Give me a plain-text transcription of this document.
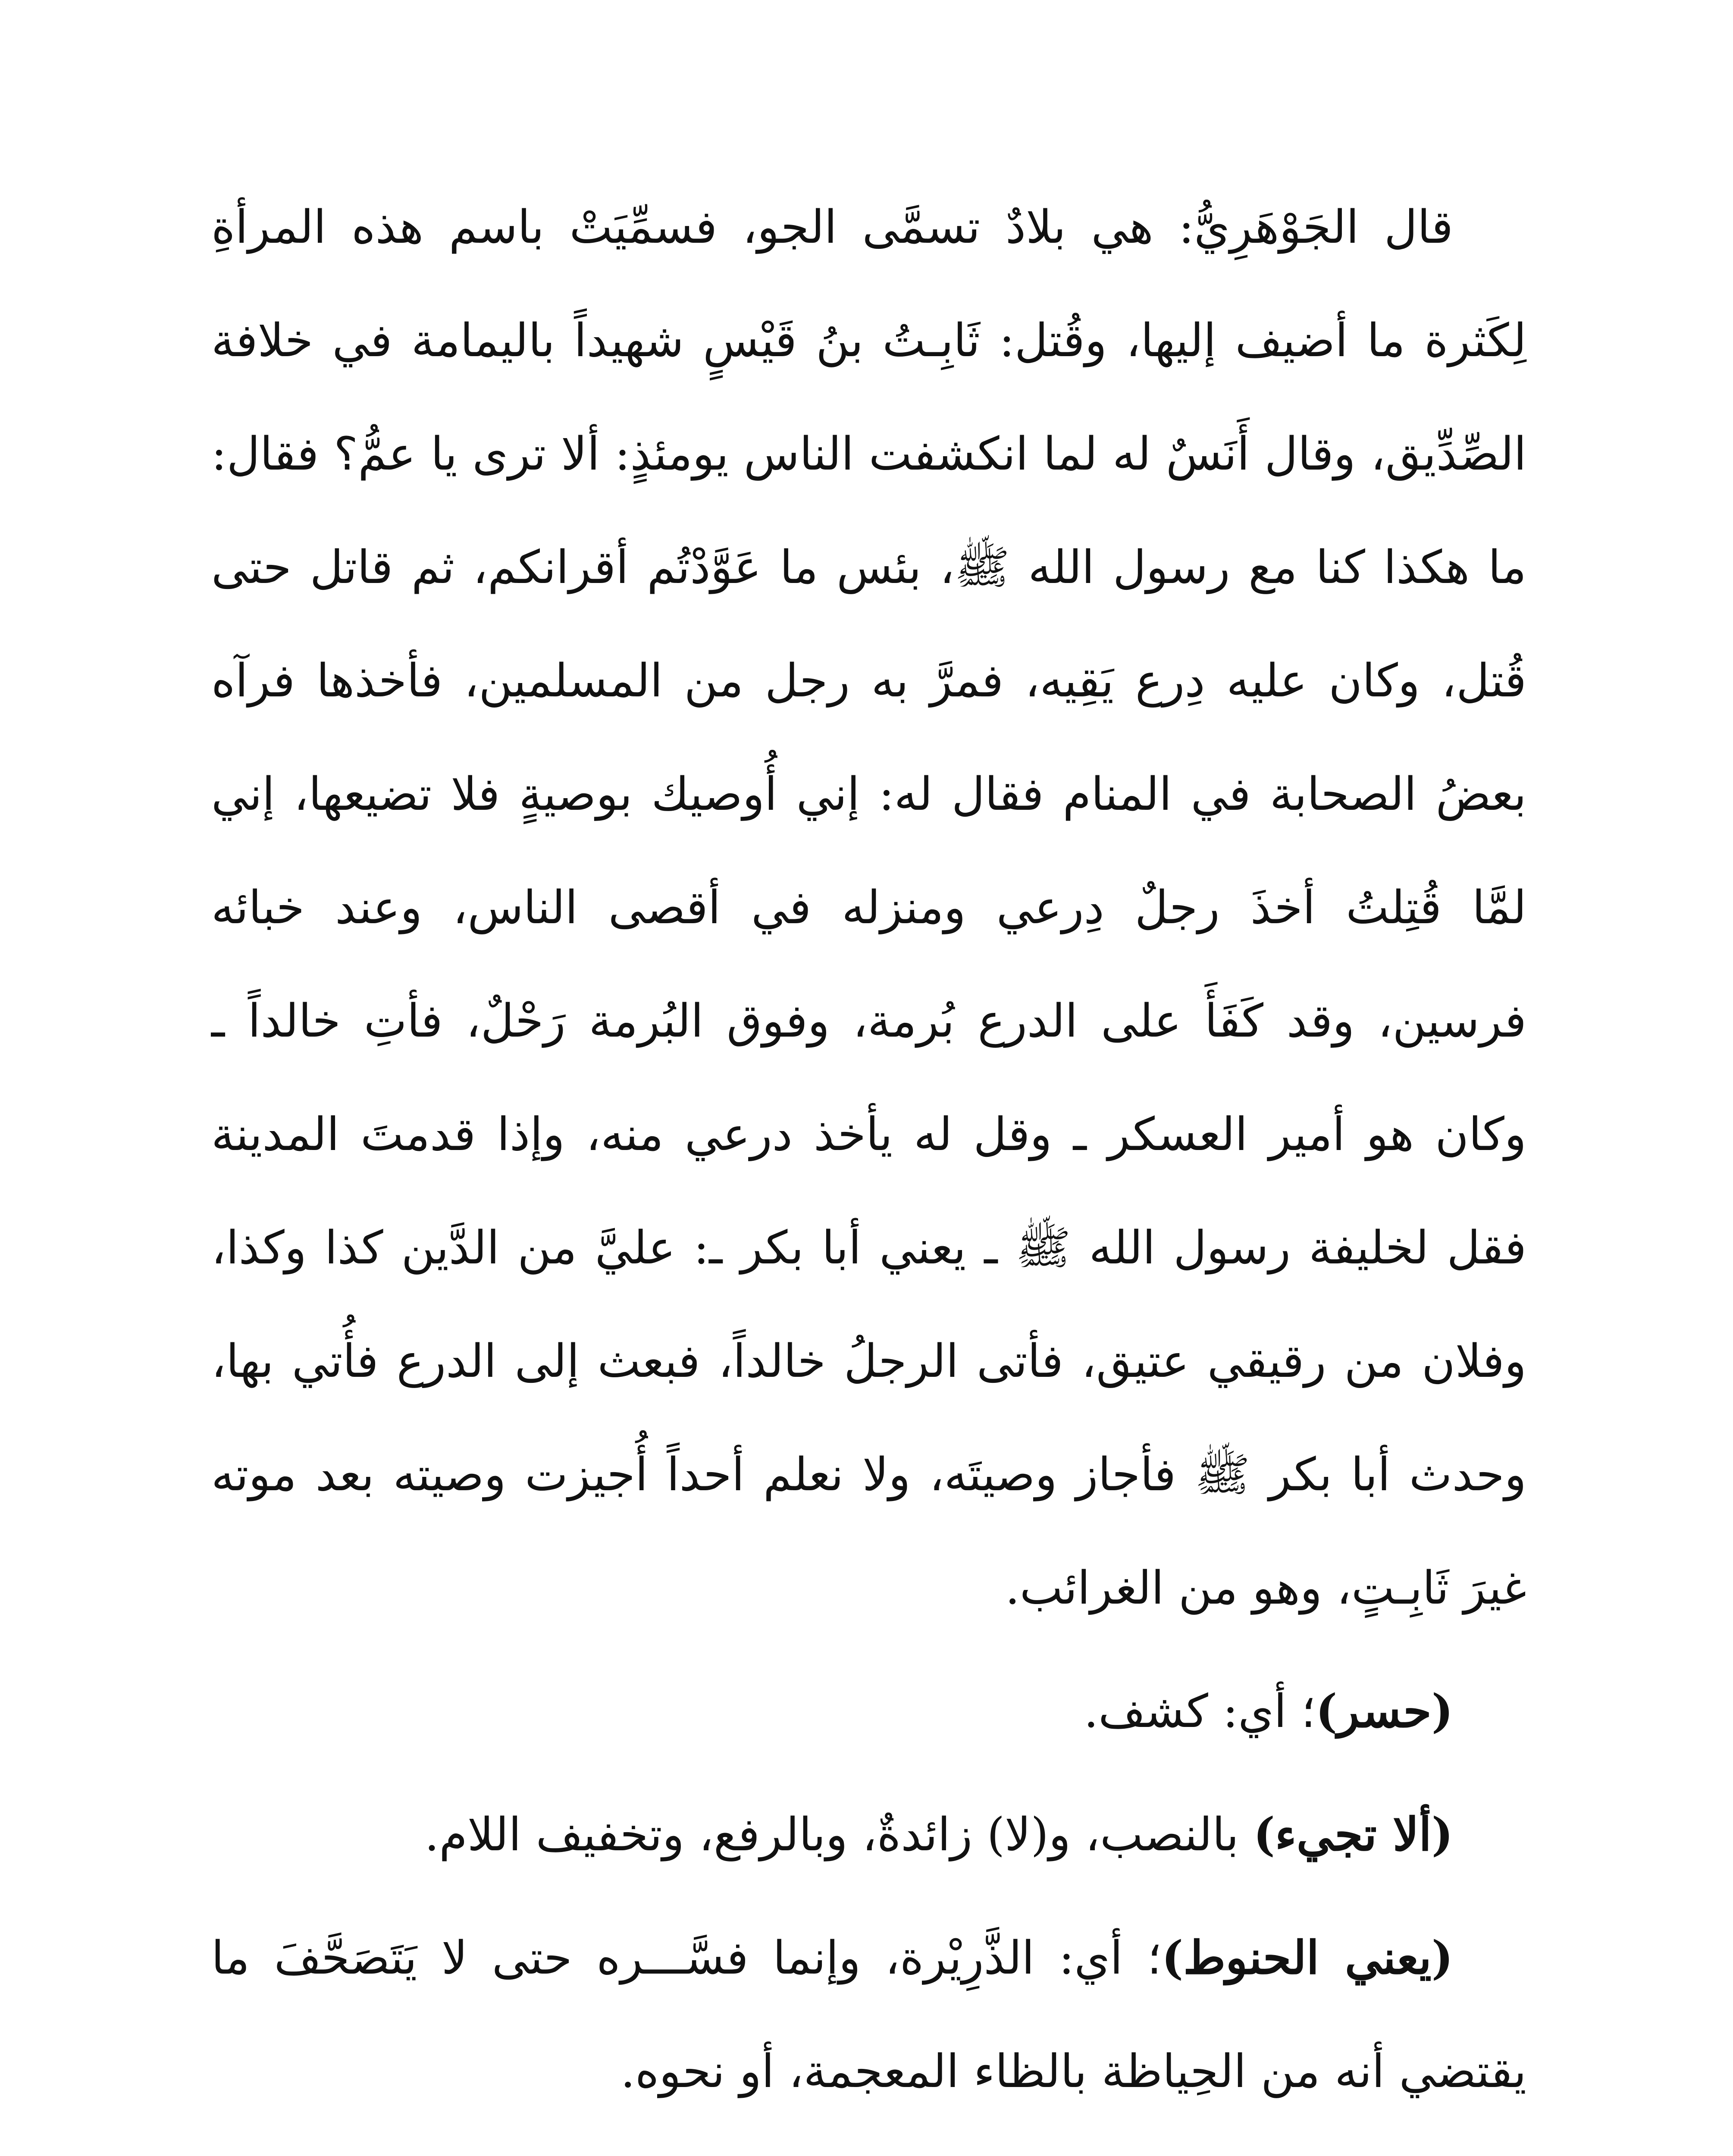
قال الجَوْهَرِيُّ: هي بلادٌ تسمَّى الجو، فسمِّيَتْ باسم هذه المرأةِ لِكَثرة ما أضيف إليها، وقُتل: ثَابِـتُ بنُ قَيْسٍ شهيداً باليمامة في خلافة الصِّدِّيق، وقال أَنَسٌ له لما انكشفت الناس يومئذٍ: ألا ترى يا عمُّ؟ فقال: ما هكذا كنا مع رسول الله ﷺ، بئس ما عَوَّدْتُم أقرانكم، ثم قاتل حتى قُتل، وكان عليه دِرع يَقِيه، فمرَّ به رجل من المسلمين، فأخذها فرآه بعضُ الصحابة في المنام فقال له: إني أُوصيك بوصيةٍ فلا تضيعها، إني لمَّا قُتِلتُ أخذَ رجلٌ دِرعي ومنزله في أقصى الناس، وعند خبائه فرسين، وقد كَفَأَ على الدرع بُرمة، وفوق البُرمة رَحْلٌ، فأتِ خالداً ـ وكان هو أمير العسكر ـ وقل له يأخذ درعي منه، وإذا قدمتَ المدينة فقل لخليفة رسول الله ﷺ ـ يعني أبا بكر ـ: عليَّ من الدَّين كذا وكذا، وفلان من رقيقي عتيق، فأتى الرجلُ خالداً، فبعث إلى الدرع فأُتي بها، وحدث أبا بكر ﷺ فأجاز وصيتَه، ولا نعلم أحداً أُجيزت وصيته بعد موته غيرَ ثَابِـتٍ، وهو من الغرائب.

(حسر)؛ أي: كشف.

(ألا تجيء) بالنصب، و(لا) زائدةٌ، وبالرفع، وتخفيف اللام.

(يعني الحنوط)؛ أي: الذَّرِيْرة، وإنما فسَّـــره حتى لا يَتَصَحَّفَ ما يقتضي أنه من الحِياظة بالظاء المعجمة، أو نحوه.
